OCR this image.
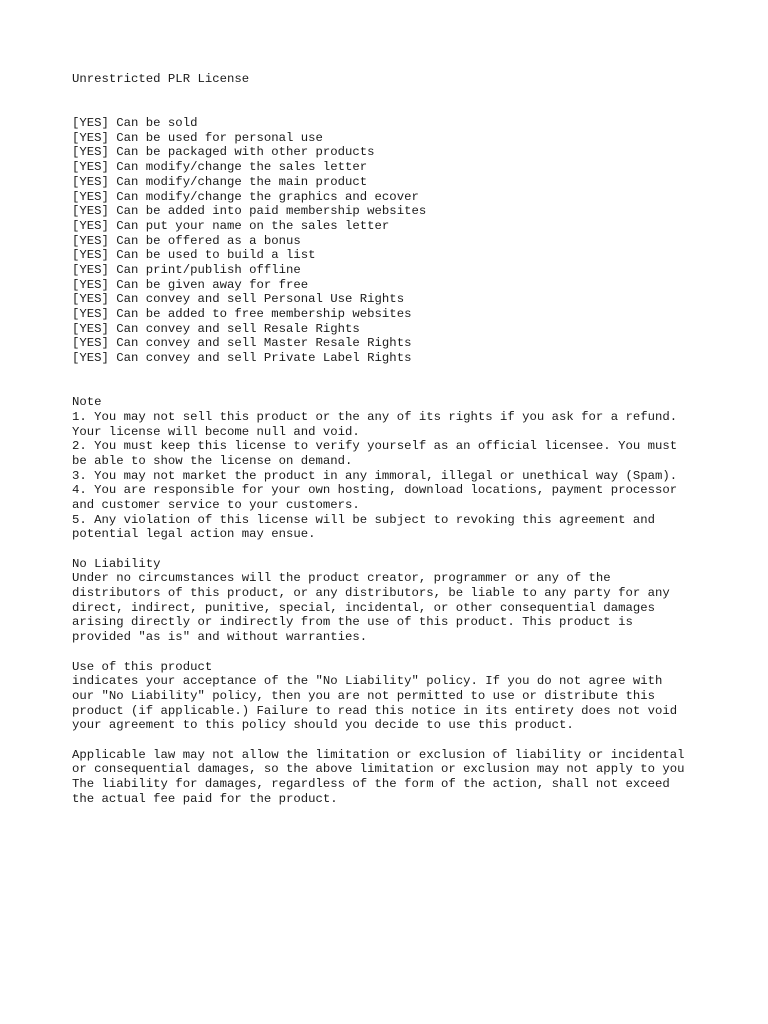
Unrestricted PLR License
[YES] Can be sold
[YES] Can be used for personal use
[YES] Can be packaged with other products
[YES] Can modify/change the sales letter
[YES] Can modify/change the main product
[YES] Can modify/change the graphics and ecover
[YES] Can be added into paid membership websites
[YES] Can put your name on the sales letter
[YES] Can be offered as a bonus
[YES] Can be used to build a list
[YES] Can print/publish offline
[YES] Can be given away for free
[YES] Can convey and sell Personal Use Rights
[YES] Can be added to free membership websites
[YES] Can convey and sell Resale Rights
[YES] Can convey and sell Master Resale Rights
[YES] Can convey and sell Private Label Rights
Note
1. You may not sell this product or the any of its rights if you ask for a refund.
Your license will become null and void.
2. You must keep this license to verify yourself as an official licensee. You must
be able to show the license on demand.
3. You may not market the product in any immoral, illegal or unethical way (Spam).
4. You are responsible for your own hosting, download locations, payment processor
and customer service to your customers.
5. Any violation of this license will be subject to revoking this agreement and
potential legal action may ensue.
No Liability
Under no circumstances will the product creator, programmer or any of the
distributors of this product, or any distributors, be liable to any party for any
direct, indirect, punitive, special, incidental, or other consequential damages
arising directly or indirectly from the use of this product. This product is
provided "as is" and without warranties.
Use of this product
indicates your acceptance of the "No Liability" policy. If you do not agree with
our "No Liability" policy, then you are not permitted to use or distribute this
product (if applicable.) Failure to read this notice in its entirety does not void
your agreement to this policy should you decide to use this product.
Applicable law may not allow the limitation or exclusion of liability or incidental
or consequential damages, so the above limitation or exclusion may not apply to you
The liability for damages, regardless of the form of the action, shall not exceed
the actual fee paid for the product.
